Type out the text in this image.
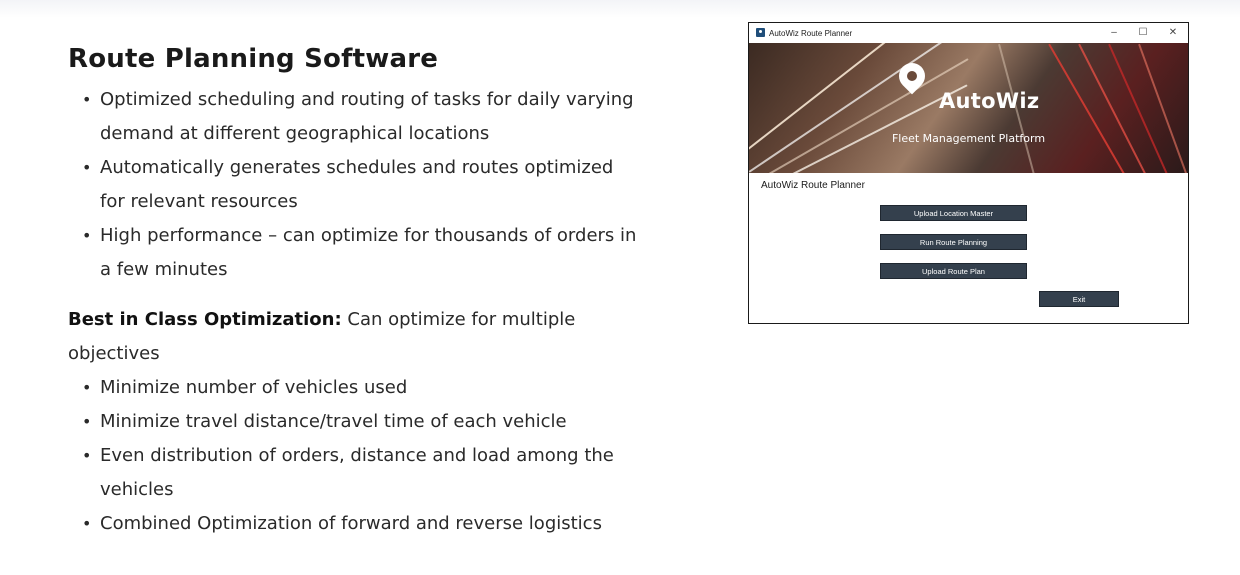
Route Planning Software
• Optimized scheduling and routing of tasks for daily varying demand at different geographical locations
• Automatically generates schedules and routes optimized for relevant resources
• High performance – can optimize for thousands of orders in a few minutes
Best in Class Optimization: Can optimize for multiple objectives
• Minimize number of vehicles used
• Minimize travel distance/travel time of each vehicle
• Even distribution of orders, distance and load among the vehicles
• Combined Optimization of forward and reverse logistics
AutoWiz Route Planner	–	☐	✕
AutoWiz
Fleet Management Platform
AutoWiz Route Planner
Upload Location Master
Run Route Planning
Upload Route Plan
Exit
